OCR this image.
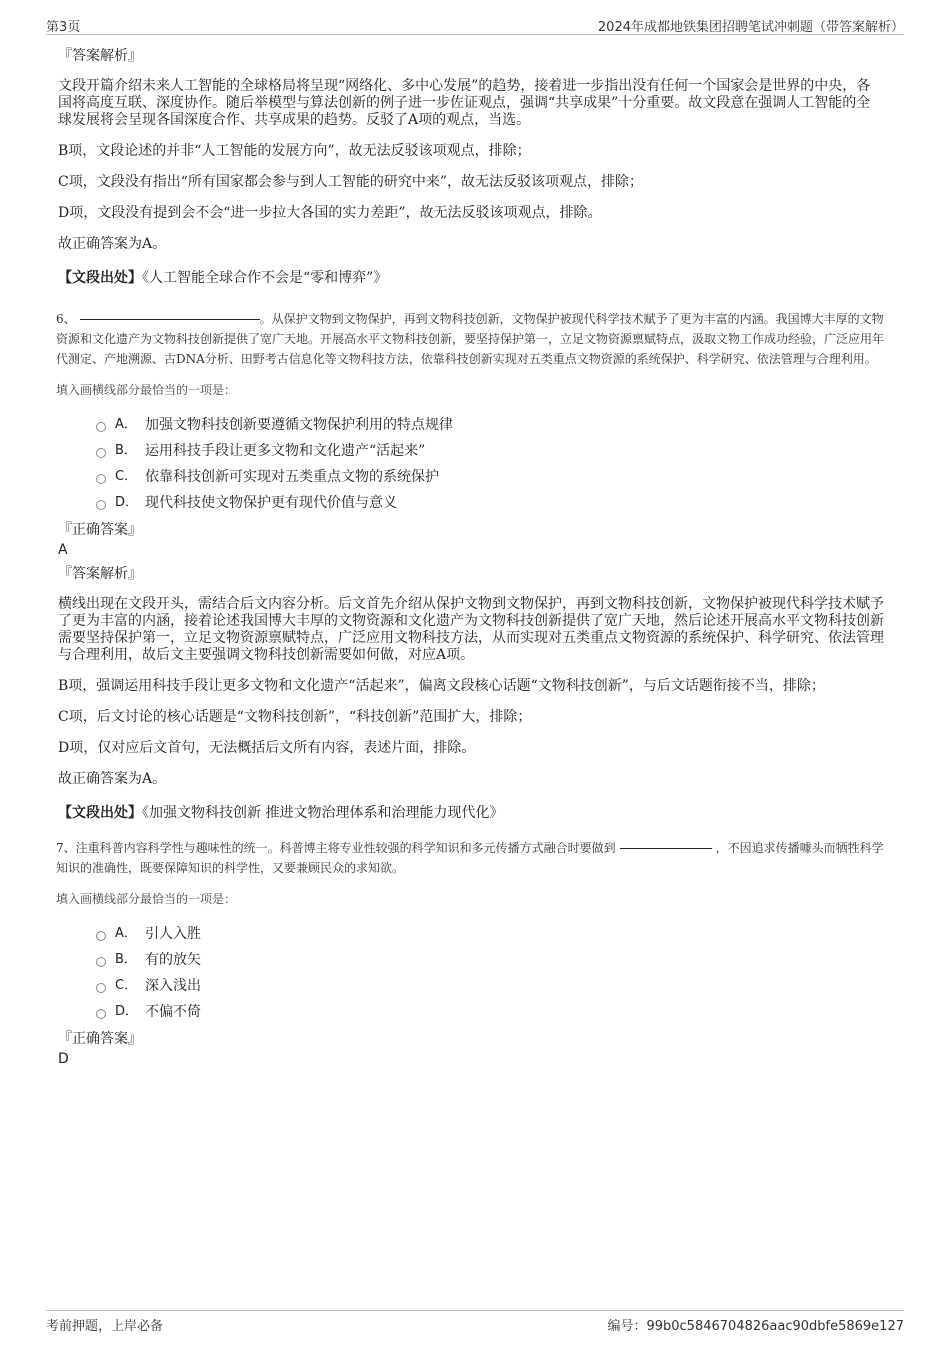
第3页	2024年成都地铁集团招聘笔试冲刺题（带答案解析）
『答案解析』

文段开篇介绍未来人工智能的全球格局将呈现“网络化、多中心发展”的趋势，接着进一步指出没有任何一个国家会是世界的中央，各国将高度互联、深度协作。随后举模型与算法创新的例子进一步佐证观点，强调“共享成果”十分重要。故文段意在强调人工智能的全球发展将会呈现各国深度合作、共享成果的趋势。反驳了A项的观点，当选。

B项，文段论述的并非“人工智能的发展方向”，故无法反驳该项观点，排除；

C项，文段没有指出“所有国家都会参与到人工智能的研究中来”，故无法反驳该项观点，排除；

D项，文段没有提到会不会“进一步拉大各国的实力差距”，故无法反驳该项观点，排除。

故正确答案为A。

【文段出处】《人工智能全球合作不会是“零和博弈”》

6、	。从保护文物到文物保护，再到文物科技创新，文物保护被现代科学技术赋予了更为丰富的内涵。我国博大丰厚的文物资源和文化遗产为文物科技创新提供了宽广天地。开展高水平文物科技创新，要坚持保护第一，立足文物资源禀赋特点，汲取文物工作成功经验，广泛应用年代测定、产地溯源、古DNA分析、田野考古信息化等文物科技方法，依靠科技创新实现对五类重点文物资源的系统保护、科学研究、依法管理与合理利用。

填入画横线部分最恰当的一项是：

A． 加强文物科技创新要遵循文物保护利用的特点规律
B． 运用科技手段让更多文物和文化遗产“活起来”
C． 依靠科技创新可实现对五类重点文物的系统保护
D． 现代科技使文物保护更有现代价值与意义
『正确答案』
A
『答案解析』

横线出现在文段开头，需结合后文内容分析。后文首先介绍从保护文物到文物保护，再到文物科技创新，文物保护被现代科学技术赋予了更为丰富的内涵，接着论述我国博大丰厚的文物资源和文化遗产为文物科技创新提供了宽广天地，然后论述开展高水平文物科技创新需要坚持保护第一，立足文物资源禀赋特点，广泛应用文物科技方法，从而实现对五类重点文物资源的系统保护、科学研究、依法管理与合理利用，故后文主要强调文物科技创新需要如何做，对应A项。

B项，强调运用科技手段让更多文物和文化遗产“活起来”，偏离文段核心话题“文物科技创新”，与后文话题衔接不当，排除；

C项，后文讨论的核心话题是“文物科技创新”，“科技创新”范围扩大，排除；

D项，仅对应后文首句，无法概括后文所有内容，表述片面，排除。

故正确答案为A。

【文段出处】《加强文物科技创新 推进文物治理体系和治理能力现代化》

7、注重科普内容科学性与趣味性的统一。科普博主将专业性较强的科学知识和多元传播方式融合时要做到	，不因追求传播噱头而牺牲科学知识的准确性，既要保障知识的科学性，又要兼顾民众的求知欲。

填入画横线部分最恰当的一项是：

A． 引人入胜
B． 有的放矢
C． 深入浅出
D． 不偏不倚
『正确答案』
D
考前押题，上岸必备	编号：99b0c5846704826aac90dbfe5869e127
